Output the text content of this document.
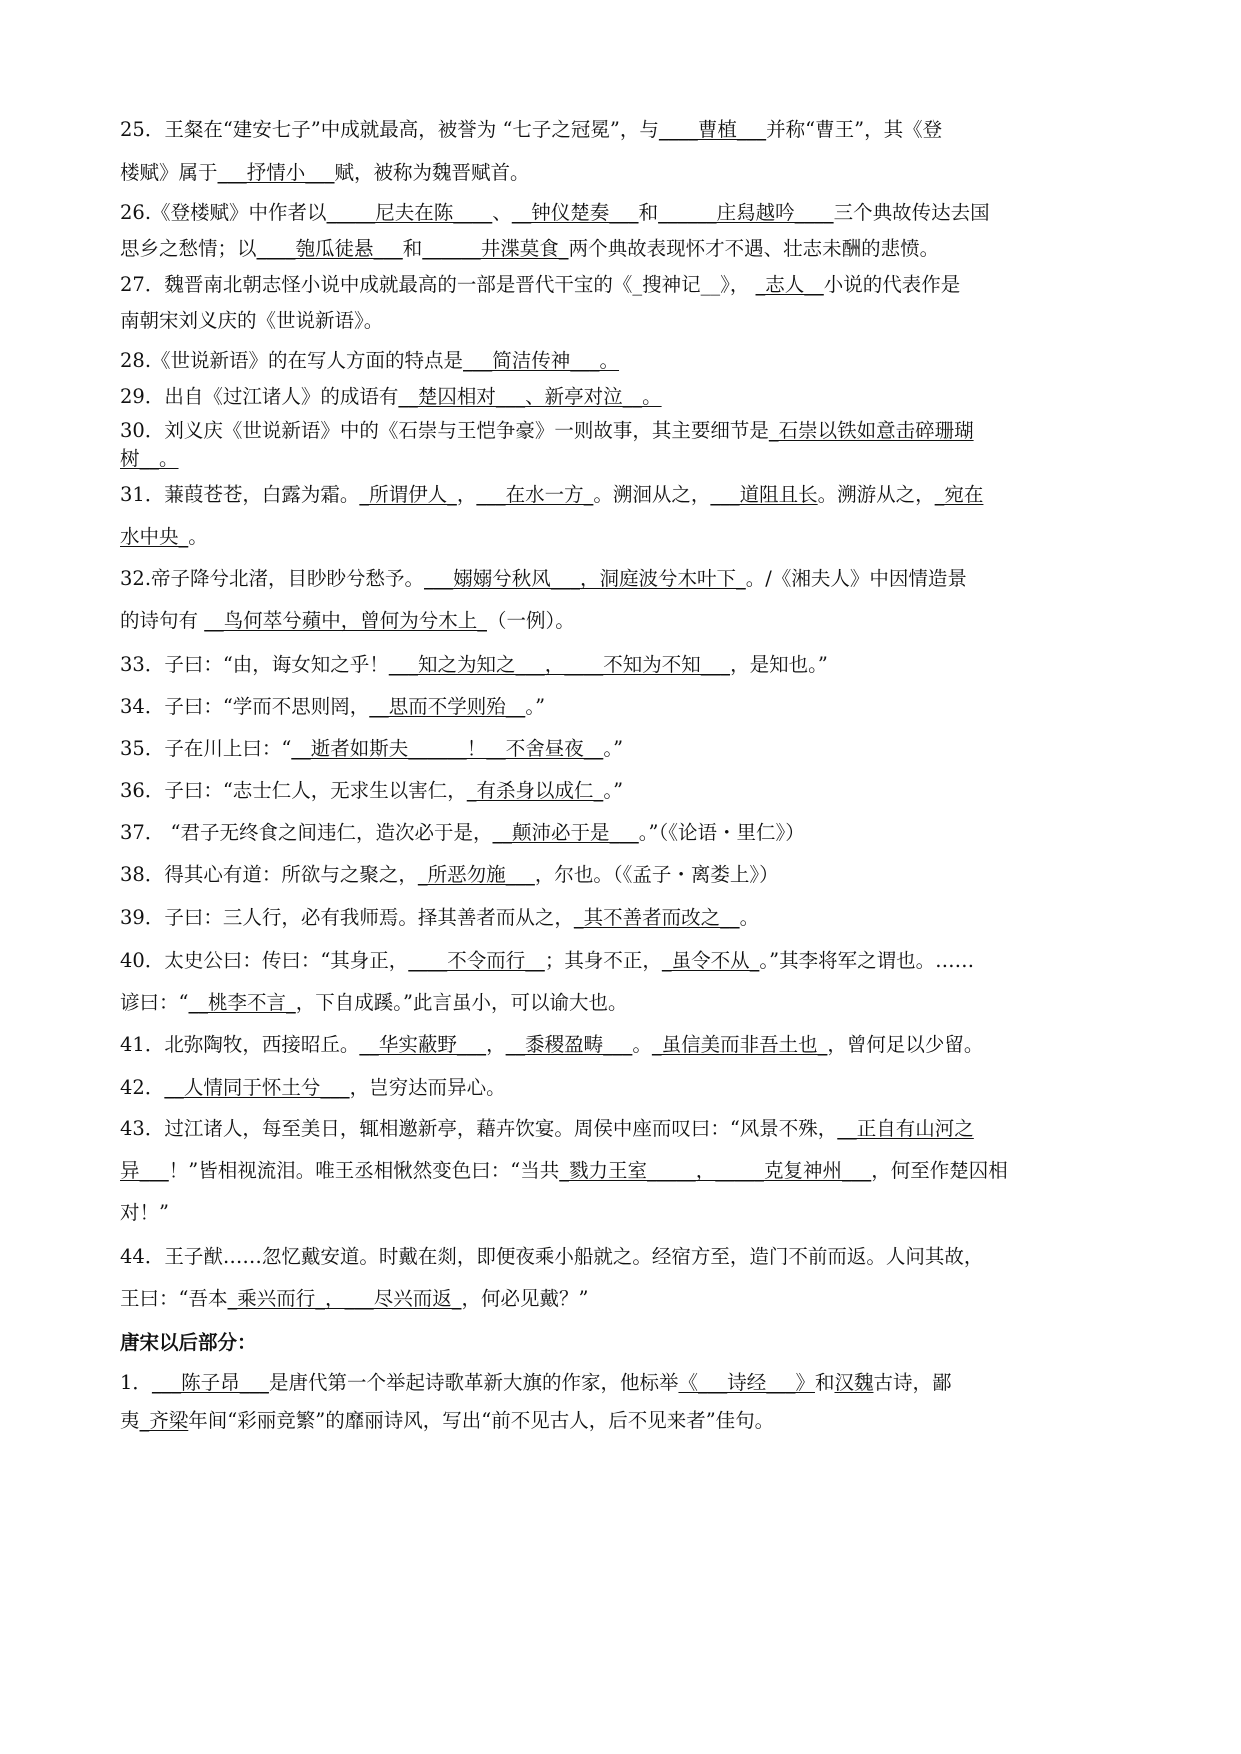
25．王粲在“建安七子”中成就最高，被誉为 “七子之冠冕”，与____曹植___并称“曹王”，其《登
楼赋》属于___抒情小___赋，被称为魏晋赋首。
26.《登楼赋》中作者以_____尼夫在陈____、__钟仪楚奏___和______庄舄越吟____三个典故传达去国
思乡之愁情；以____匏瓜徒悬___和______井渫莫食_两个典故表现怀才不遇、壮志未酬的悲愤。
27．魏晋南北朝志怪小说中成就最高的一部是晋代干宝的《_搜神记__》， _志人__小说的代表作是
南朝宋刘义庆的《世说新语》。
28.《世说新语》的在写人方面的特点是___简洁传神___。
29．出自《过江诸人》的成语有__楚囚相对___、新亭对泣__。
30．刘义庆《世说新语》中的《石崇与王恺争豪》一则故事，其主要细节是_石崇以铁如意击碎珊瑚
树__。
31．蒹葭苍苍，白露为霜。_所谓伊人_，___在水一方_。溯洄从之，___道阻且长。溯游从之，_宛在
水中央_。
32.帝子降兮北渚，目眇眇兮愁予。___嫋嫋兮秋风___，洞庭波兮木叶下_。/《湘夫人》中因情造景
的诗句有 __鸟何萃兮蘋中，曾何为兮木上_（一例）。
33．子曰：“由，诲女知之乎！___知之为知之___，____不知为不知___，是知也。”
34．子曰：“学而不思则罔，__思而不学则殆__。”
35．子在川上曰：“__逝者如斯夫______！__不舍昼夜__。”
36．子曰：“志士仁人，无求生以害仁，_有杀身以成仁_。”
37． “君子无终食之间违仁，造次必于是，__颠沛必于是___。”（《论语・里仁》）
38．得其心有道：所欲与之聚之，_所恶勿施___，尔也。（《孟子・离娄上》）
39．子曰：三人行，必有我师焉。择其善者而从之，_其不善者而改之__。
40．太史公曰：传曰：“其身正，____不令而行__；其身不正，_虽令不从_。”其李将军之谓也。……
谚曰：“__桃李不言_，下自成蹊。”此言虽小，可以谕大也。
41．北弥陶牧，西接昭丘。__华实蔽野___，__黍稷盈畴___。_虽信美而非吾土也_，曾何足以少留。
42．__人情同于怀土兮___，岂穷达而异心。
43．过江诸人，每至美日，辄相邀新亭，藉卉饮宴。周侯中座而叹曰：“风景不殊，__正自有山河之
异___！”皆相视流泪。唯王丞相愀然变色曰：“当共_戮力王室_____，_____克复神州___，何至作楚囚相
对！”
44．王子猷……忽忆戴安道。时戴在剡，即便夜乘小船就之。经宿方至，造门不前而返。人问其故，
王曰：“吾本_乘兴而行_，___尽兴而返_，何必见戴？”
唐宋以后部分：
1．___陈子昂___是唐代第一个举起诗歌革新大旗的作家，他标举《___诗经___》和汉魏古诗，鄙
夷_齐梁年间“彩丽竞繁”的靡丽诗风，写出“前不见古人，后不见来者”佳句。
